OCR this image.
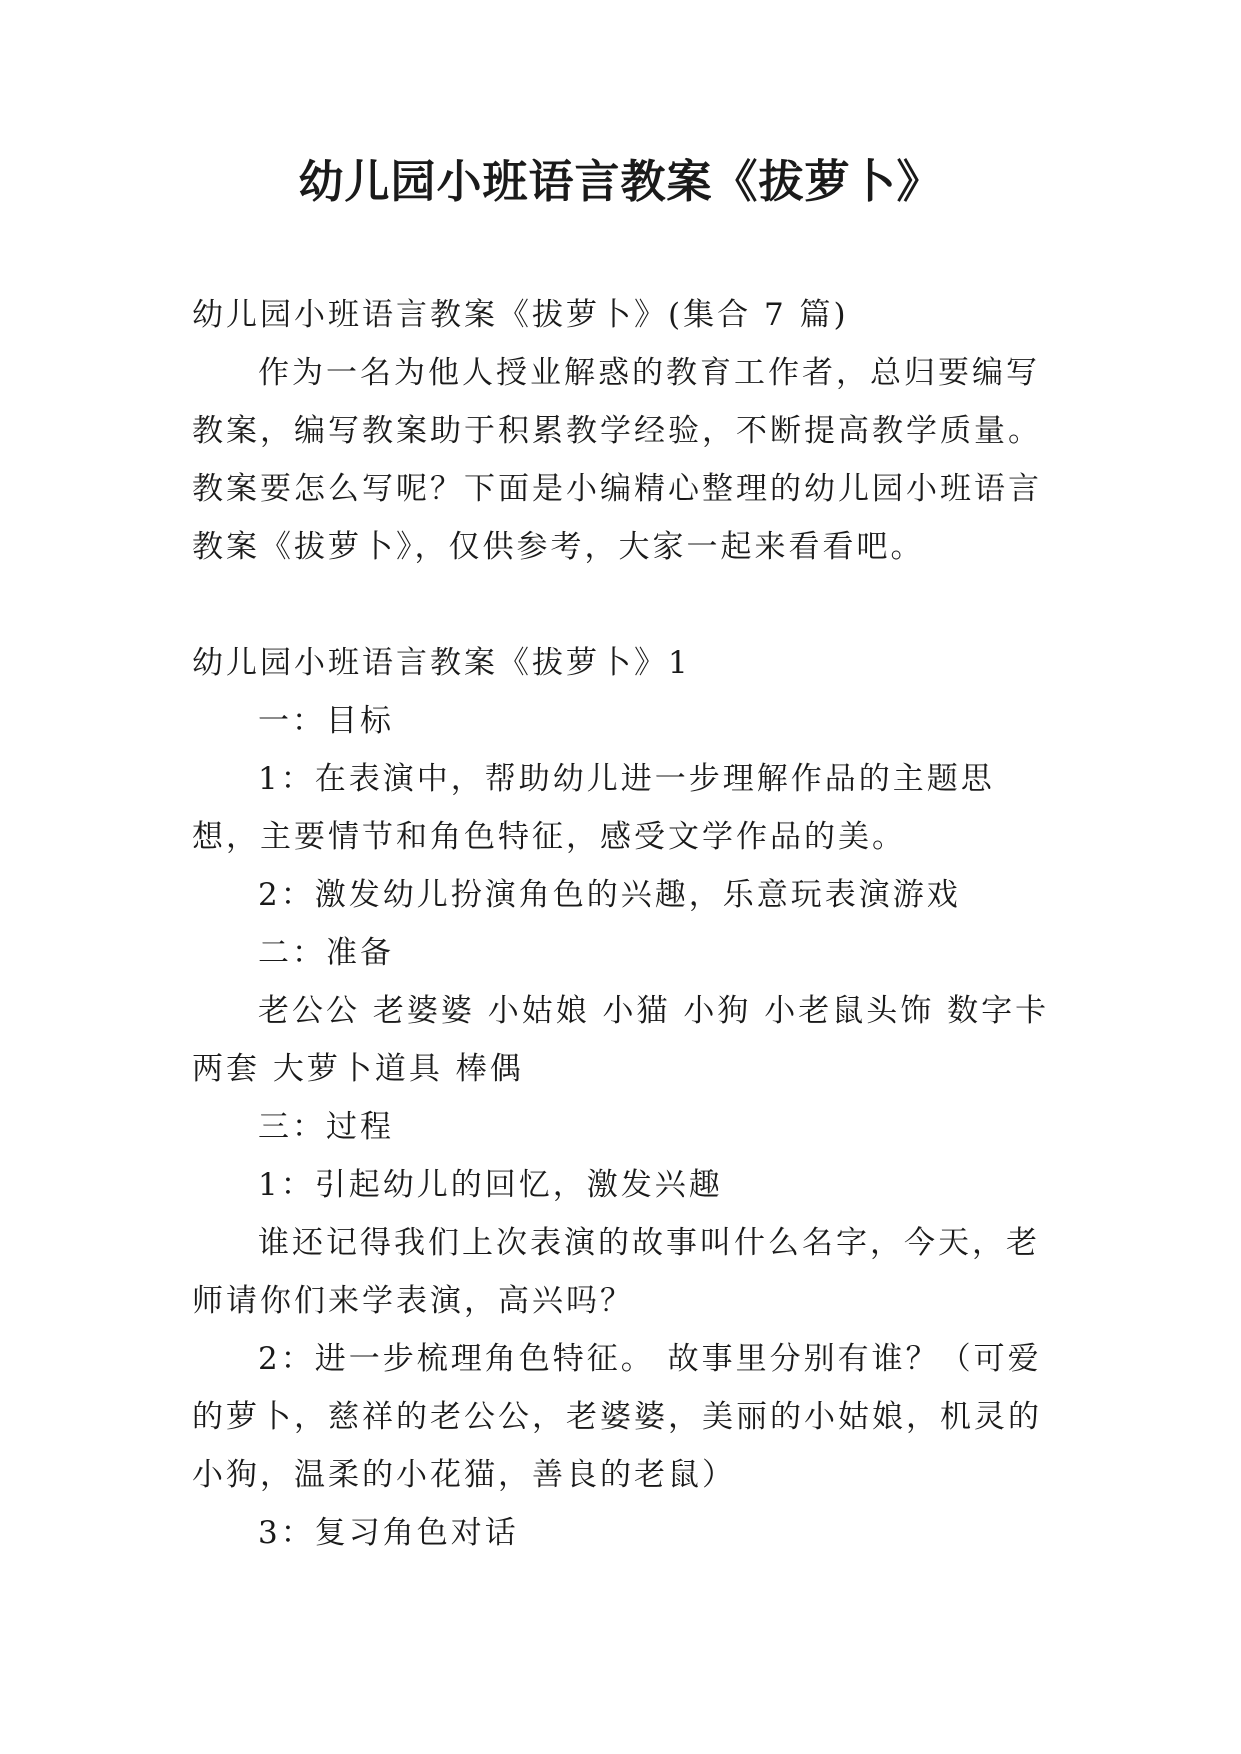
幼儿园小班语言教案《拔萝卜》

幼儿园小班语言教案《拔萝卜》(集合 7 篇)

作为一名为他人授业解惑的教育工作者，总归要编写教案，编写教案助于积累教学经验，不断提高教学质量。教案要怎么写呢？下面是小编精心整理的幼儿园小班语言教案《拔萝卜》，仅供参考，大家一起来看看吧。

幼儿园小班语言教案《拔萝卜》1

一：目标

1：在表演中，帮助幼儿进一步理解作品的主题思想，主要情节和角色特征，感受文学作品的美。

2：激发幼儿扮演角色的兴趣，乐意玩表演游戏

二：准备

老公公 老婆婆 小姑娘 小猫 小狗 小老鼠头饰 数字卡两套 大萝卜道具 棒偶

三：过程

1：引起幼儿的回忆，激发兴趣

谁还记得我们上次表演的故事叫什么名字，今天，老师请你们来学表演，高兴吗？

2：进一步梳理角色特征。 故事里分别有谁？（可爱的萝卜，慈祥的老公公，老婆婆，美丽的小姑娘，机灵的小狗，温柔的小花猫，善良的老鼠）

3：复习角色对话
